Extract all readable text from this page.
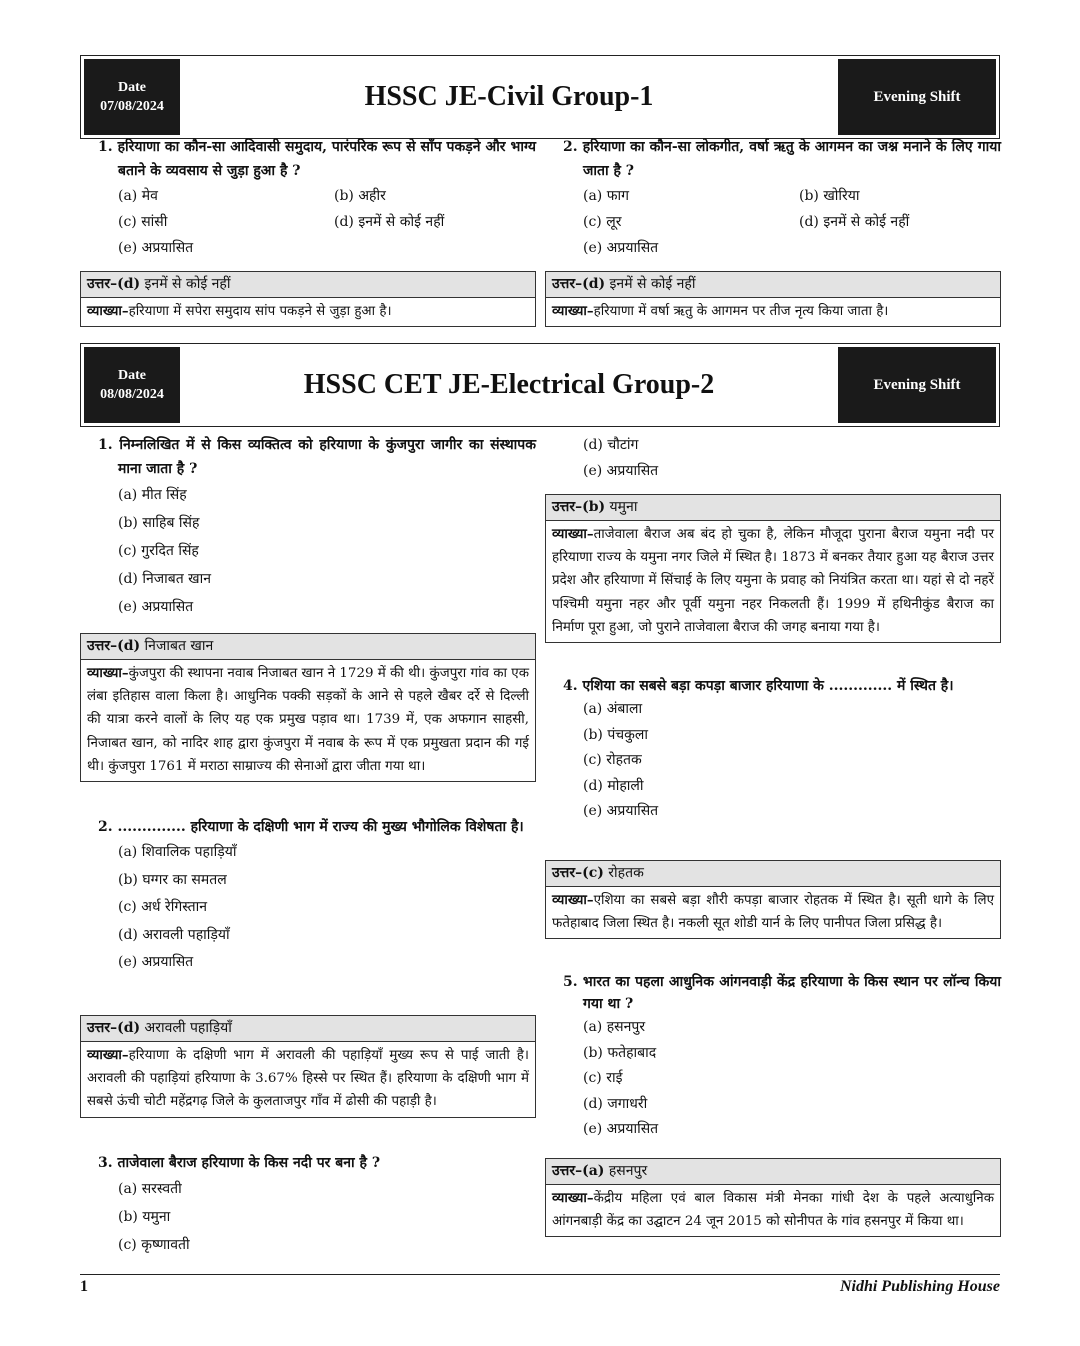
Date
07/08/2024	HSSC JE-Civil Group-1	Evening Shift
1. हरियाणा का कौन-सा आदिवासी समुदाय, पारंपरिक रूप से साँप पकड़ने और भाग्य बताने के व्यवसाय से जुड़ा हुआ है ?
(a) मेव	(b) अहीर
(c) सांसी	(d) इनमें से कोई नहीं
(e) अप्रयासित
उत्तर–(d) इनमें से कोई नहीं
व्याख्या–हरियाणा में सपेरा समुदाय सांप पकड़ने से जुड़ा हुआ है।
2. हरियाणा का कौन-सा लोकगीत, वर्षा ऋतु के आगमन का जश्न मनाने के लिए गाया जाता है ?
(a) फाग	(b) खोरिया
(c) लूर	(d) इनमें से कोई नहीं
(e) अप्रयासित
उत्तर–(d) इनमें से कोई नहीं
व्याख्या–हरियाणा में वर्षा ऋतु के आगमन पर तीज नृत्य किया जाता है।
Date
08/08/2024	HSSC CET JE-Electrical Group-2	Evening Shift
1. निम्नलिखित में से किस व्यक्तित्व को हरियाणा के कुंजपुरा जागीर का संस्थापक माना जाता है ?
(a) मीत सिंह
(b) साहिब सिंह
(c) गुरदित सिंह
(d) निजाबत खान
(e) अप्रयासित
उत्तर–(d) निजाबत खान
व्याख्या–कुंजपुरा की स्थापना नवाब निजाबत खान ने 1729 में की थी। कुंजपुरा गांव का एक लंबा इतिहास वाला किला है। आधुनिक पक्की सड़कों के आने से पहले खैबर दर्रे से दिल्ली की यात्रा करने वालों के लिए यह एक प्रमुख पड़ाव था। 1739 में, एक अफगान साहसी, निजाबत खान, को नादिर शाह द्वारा कुंजपुरा में नवाब के रूप में एक प्रमुखता प्रदान की गई थी। कुंजपुरा 1761 में मराठा साम्राज्य की सेनाओं द्वारा जीता गया था।
2. .............. हरियाणा के दक्षिणी भाग में राज्य की मुख्य भौगोलिक विशेषता है।
(a) शिवालिक पहाड़ियाँ
(b) घग्गर का समतल
(c) अर्ध रेगिस्तान
(d) अरावली पहाड़ियाँ
(e) अप्रयासित
उत्तर–(d) अरावली पहाड़ियाँ
व्याख्या–हरियाणा के दक्षिणी भाग में अरावली की पहाड़ियाँ मुख्य रूप से पाई जाती है। अरावली की पहाड़ियां हरियाणा के 3.67% हिस्से पर स्थित हैं। हरियाणा के दक्षिणी भाग में सबसे ऊंची चोटी महेंद्रगढ़ जिले के कुलताजपुर गाँव में ढोसी की पहाड़ी है।
3. ताजेवाला बैराज हरियाणा के किस नदी पर बना है ?
(a) सरस्वती
(b) यमुना
(c) कृष्णावती
(d) चौटांग
(e) अप्रयासित
उत्तर–(b) यमुना
व्याख्या–ताजेवाला बैराज अब बंद हो चुका है, लेकिन मौजूदा पुराना बैराज यमुना नदी पर हरियाणा राज्य के यमुना नगर जिले में स्थित है। 1873 में बनकर तैयार हुआ यह बैराज उत्तर प्रदेश और हरियाणा में सिंचाई के लिए यमुना के प्रवाह को नियंत्रित करता था। यहां से दो नहरें पश्चिमी यमुना नहर और पूर्वी यमुना नहर निकलती हैं। 1999 में हथिनीकुंड बैराज का निर्माण पूरा हुआ, जो पुराने ताजेवाला बैराज की जगह बनाया गया है।
4. एशिया का सबसे बड़ा कपड़ा बाजार हरियाणा के ............. में स्थित है।
(a) अंबाला
(b) पंचकुला
(c) रोहतक
(d) मोहाली
(e) अप्रयासित
उत्तर–(c) रोहतक
व्याख्या–एशिया का सबसे बड़ा शौरी कपड़ा बाजार रोहतक में स्थित है। सूती धागे के लिए फतेहाबाद जिला स्थित है। नकली सूत शोडी यार्न के लिए पानीपत जिला प्रसिद्ध है।
5. भारत का पहला आधुनिक आंगनवाड़ी केंद्र हरियाणा के किस स्थान पर लॉन्च किया गया था ?
(a) हसनपुर
(b) फतेहाबाद
(c) राई
(d) जगाधरी
(e) अप्रयासित
उत्तर–(a) हसनपुर
व्याख्या–केंद्रीय महिला एवं बाल विकास मंत्री मेनका गांधी देश के पहले अत्याधुनिक आंगनबाड़ी केंद्र का उद्घाटन 24 जून 2015 को सोनीपत के गांव हसनपुर में किया था।
1	Nidhi Publishing House
